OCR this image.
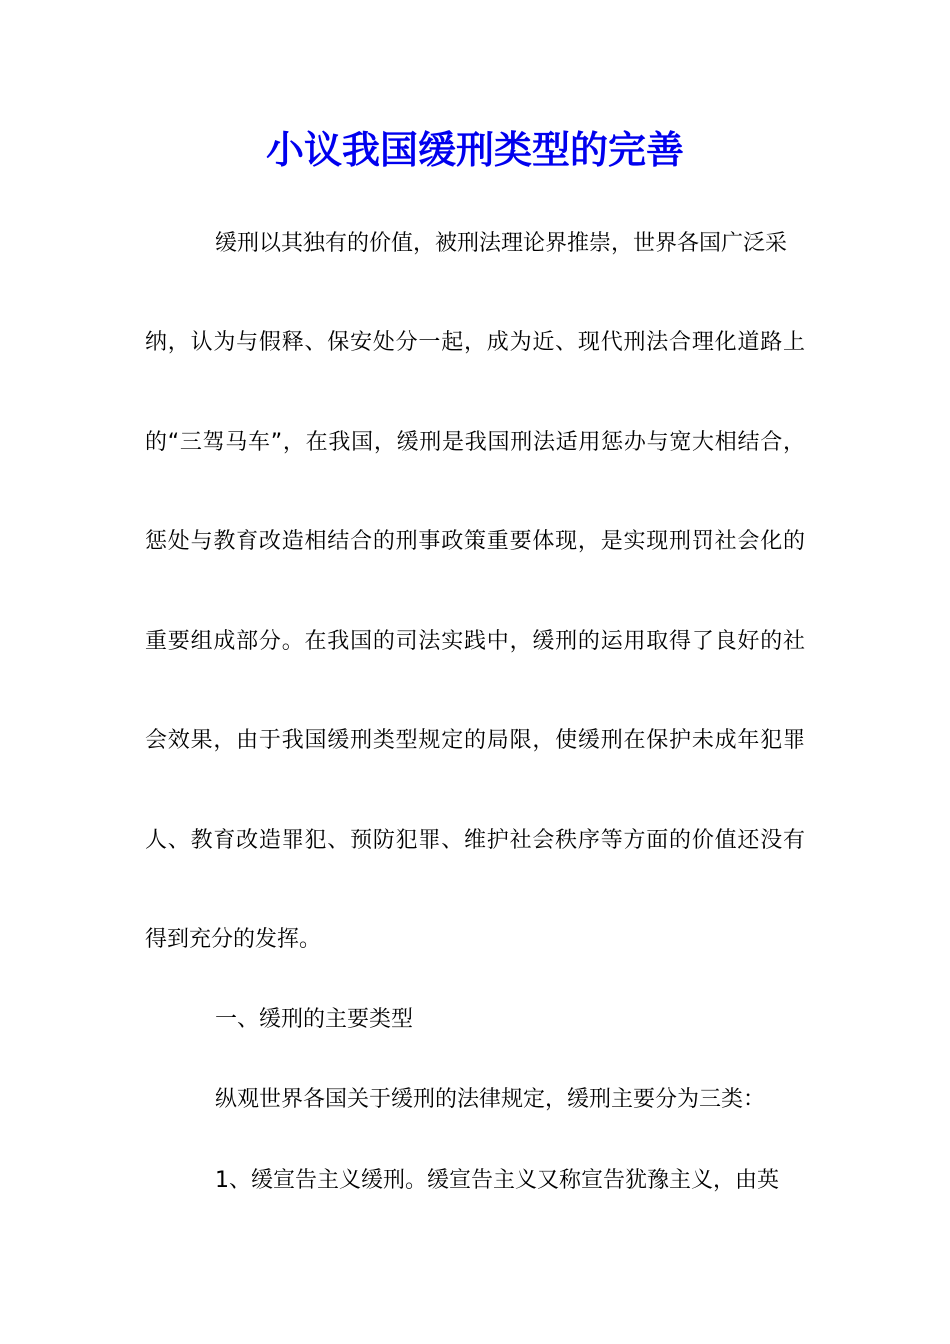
小议我国缓刑类型的完善
缓刑以其独有的价值，被刑法理论界推崇，世界各国广泛采
纳，认为与假释、保安处分一起，成为近、现代刑法合理化道路上
的“三驾马车”，在我国，缓刑是我国刑法适用惩办与宽大相结合，
惩处与教育改造相结合的刑事政策重要体现，是实现刑罚社会化的
重要组成部分。在我国的司法实践中，缓刑的运用取得了良好的社
会效果，由于我国缓刑类型规定的局限，使缓刑在保护未成年犯罪
人、教育改造罪犯、预防犯罪、维护社会秩序等方面的价值还没有
得到充分的发挥。
一、缓刑的主要类型
纵观世界各国关于缓刑的法律规定，缓刑主要分为三类：
1、缓宣告主义缓刑。缓宣告主义又称宣告犹豫主义，由英
